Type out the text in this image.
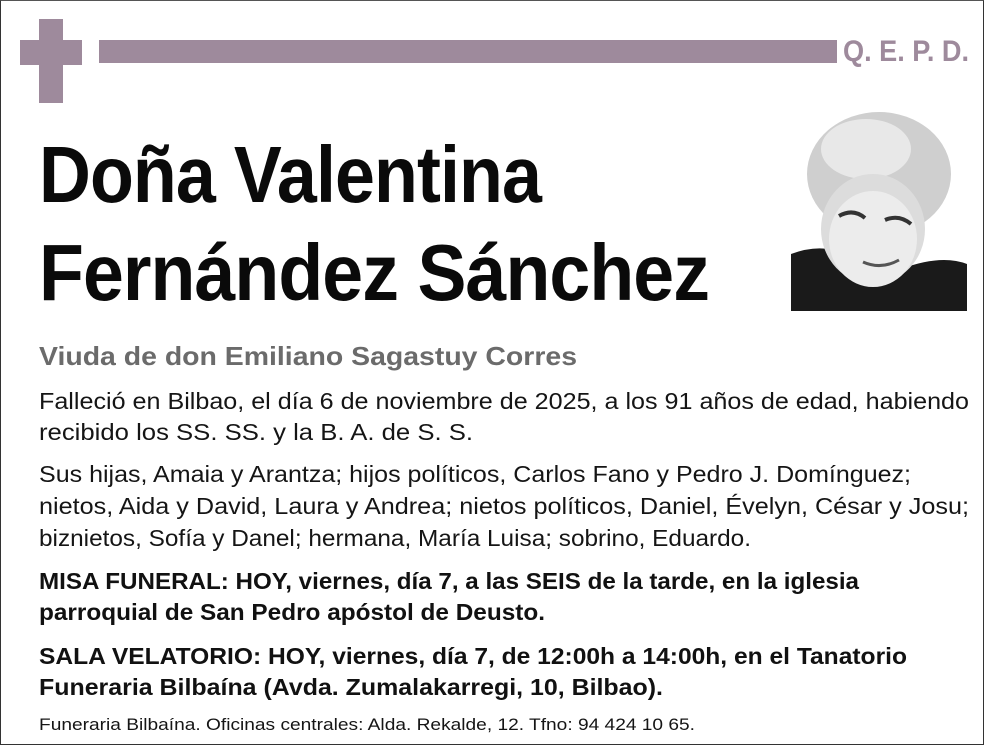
Q. E. P. D.
Doña Valentina
Fernández Sánchez
Viuda de don Emiliano Sagastuy Corres
Falleció en Bilbao, el día 6 de noviembre de 2025, a los 91 años de edad, habiendo
recibido los SS. SS. y la B. A. de S. S.
Sus hijas, Amaia y Arantza; hijos políticos, Carlos Fano y Pedro J. Domínguez;
nietos, Aida y David, Laura y Andrea; nietos políticos, Daniel, Évelyn, César y Josu;
biznietos, Sofía y Danel; hermana, María Luisa; sobrino, Eduardo.
MISA FUNERAL: HOY, viernes, día 7, a las SEIS de la tarde, en la iglesia
parroquial de San Pedro apóstol de Deusto.
SALA VELATORIO: HOY, viernes, día 7, de 12:00h a 14:00h, en el Tanatorio
Funeraria Bilbaína (Avda. Zumalakarregi, 10, Bilbao).
Funeraria Bilbaína. Oficinas centrales: Alda. Rekalde, 12. Tfno: 94 424 10 65.
